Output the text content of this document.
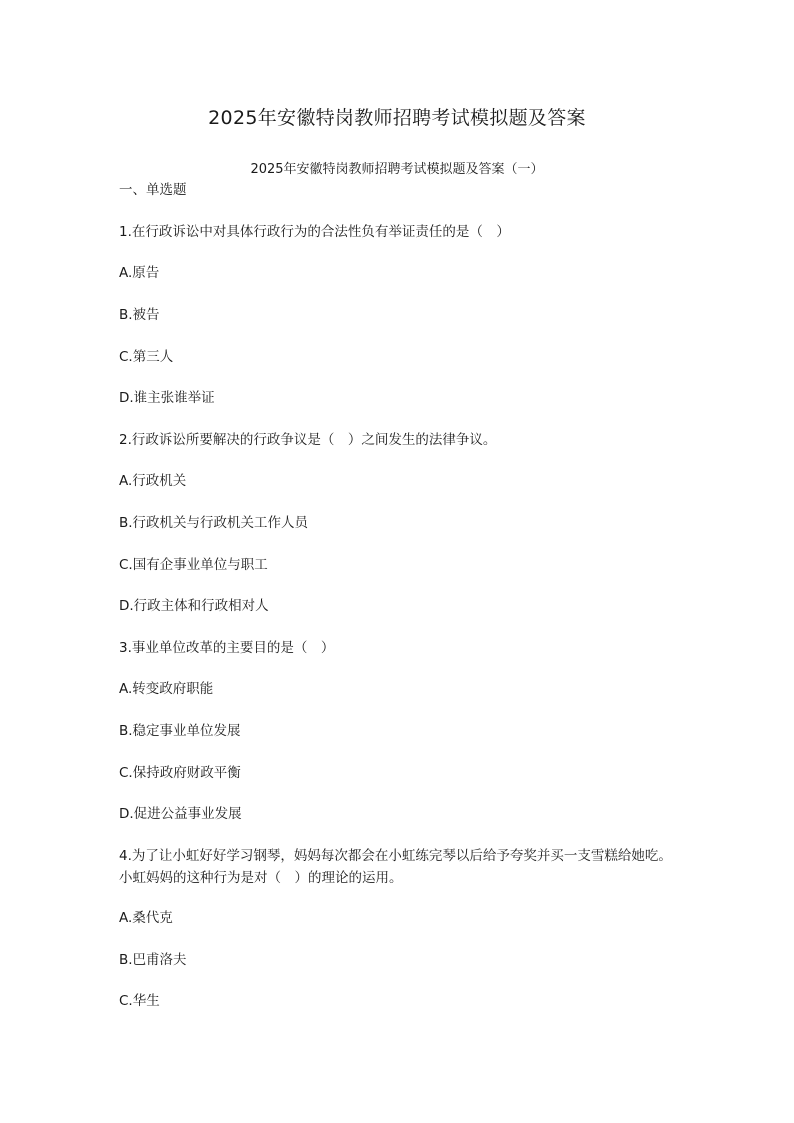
2025年安徽特岗教师招聘考试模拟题及答案
2025年安徽特岗教师招聘考试模拟题及答案（一）
一、单选题
1.在行政诉讼中对具体行政行为的合法性负有举证责任的是（　）
A.原告
B.被告
C.第三人
D.谁主张谁举证
2.行政诉讼所要解决的行政争议是（　）之间发生的法律争议。
A.行政机关
B.行政机关与行政机关工作人员
C.国有企事业单位与职工
D.行政主体和行政相对人
3.事业单位改革的主要目的是（　）
A.转变政府职能
B.稳定事业单位发展
C.保持政府财政平衡
D.促进公益事业发展
4.为了让小虹好好学习钢琴，妈妈每次都会在小虹练完琴以后给予夸奖并买一支雪糕给她吃。小虹妈妈的这种行为是对（　）的理论的运用。
A.桑代克
B.巴甫洛夫
C.华生
